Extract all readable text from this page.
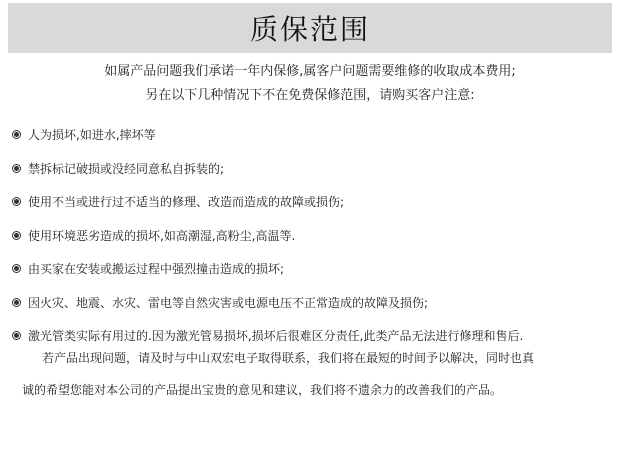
质保范围
如属产品问题我们承诺一年内保修,属客户问题需要维修的收取成本费用;
另在以下几种情况下不在免费保修范围，请购买客户注意:
人为损坏,如进水,摔坏等
禁拆标记破损或没经同意私自拆装的;
使用不当或进行过不适当的修理、改造而造成的故障或损伤;
使用环境恶劣造成的损坏,如高潮湿,高粉尘,高温等.
由买家在安装或搬运过程中强烈撞击造成的损坏;
因火灾、地震、水灾、雷电等自然灾害或电源电压不正常造成的故障及损伤;
激光管类实际有用过的.因为激光管易损坏,损坏后很难区分责任,此类产品无法进行修理和售后.
若产品出现问题，请及时与中山双宏电子取得联系，我们将在最短的时间予以解决，同时也真
诚的希望您能对本公司的产品提出宝贵的意见和建议，我们将不遗余力的改善我们的产品。
